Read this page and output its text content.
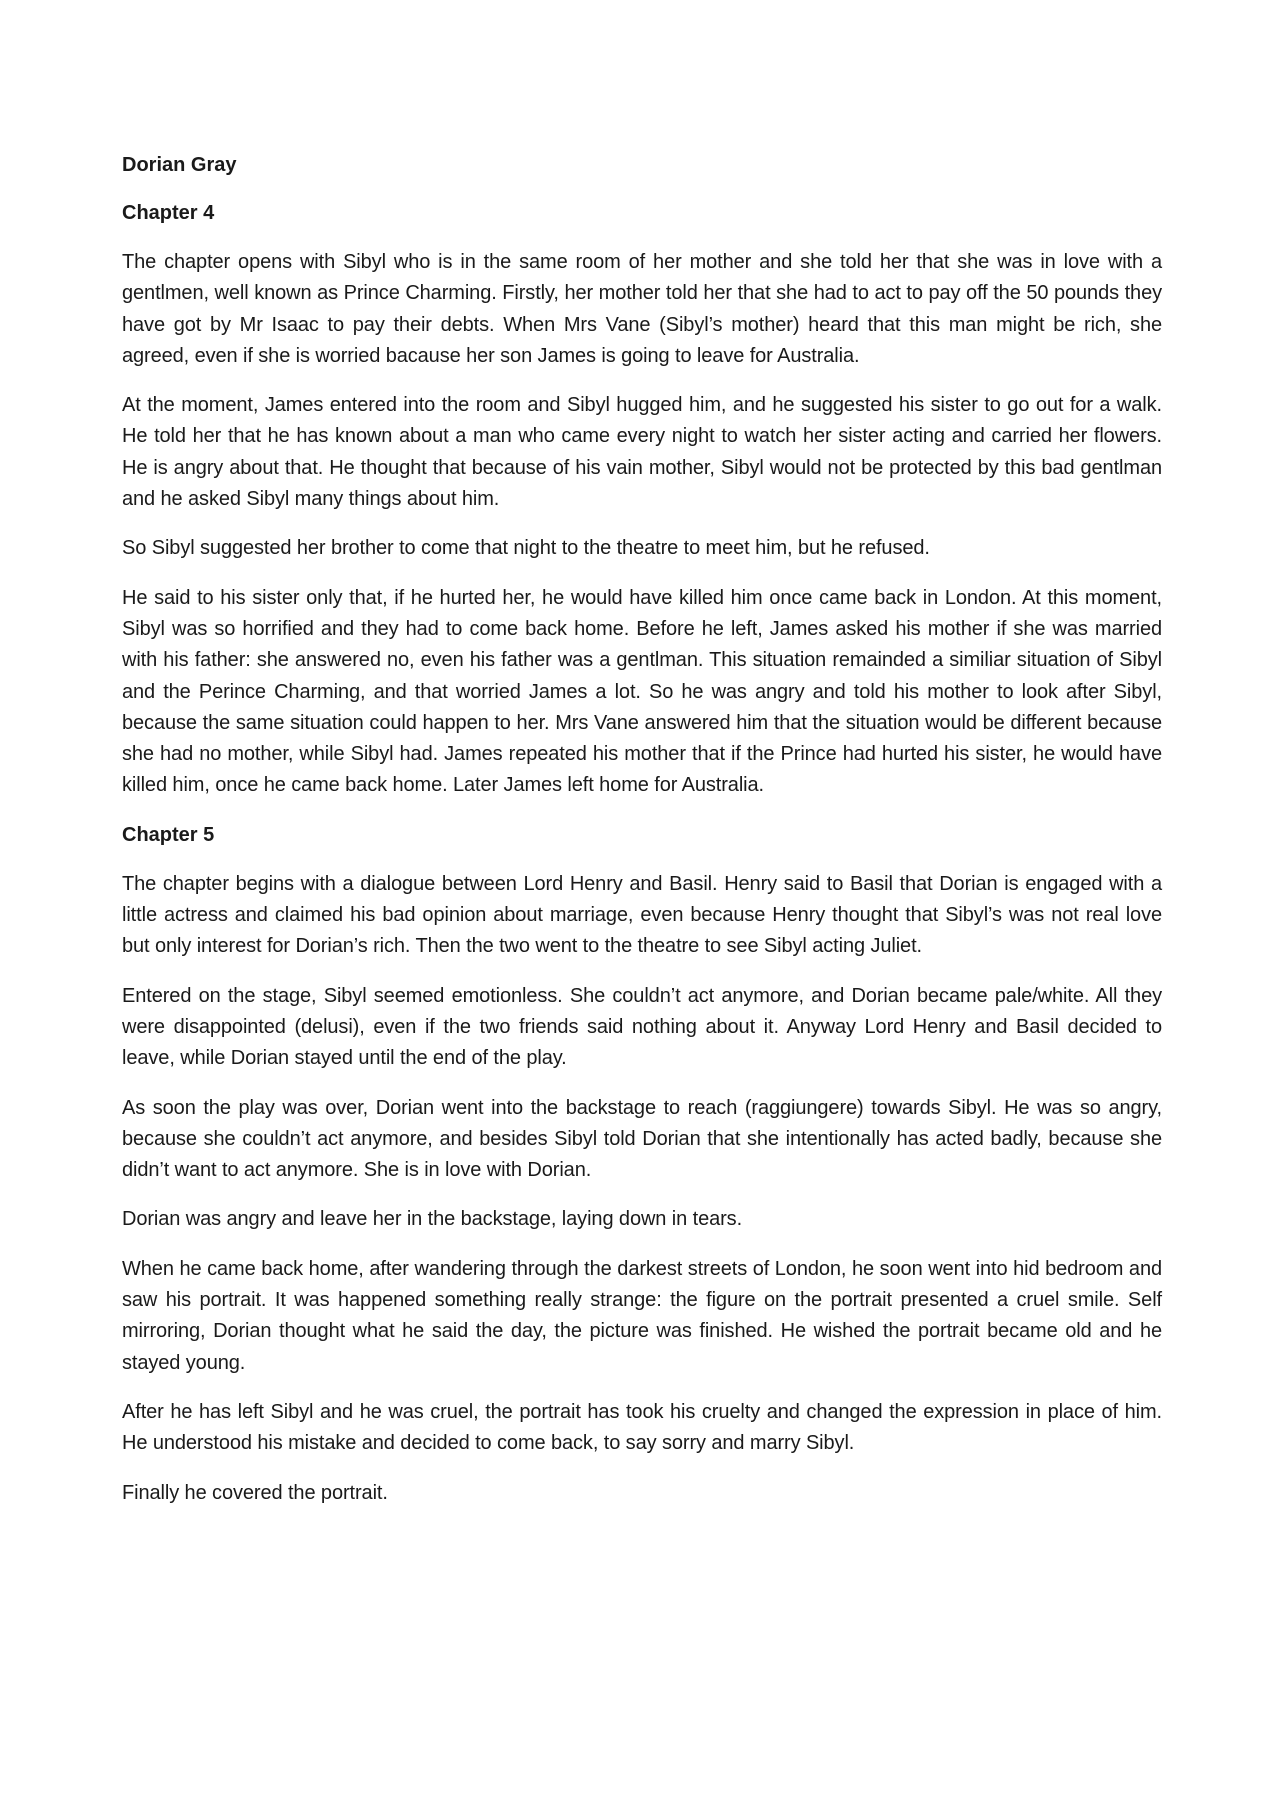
Dorian Gray
Chapter 4

The chapter opens with Sibyl who is in the same room of her mother and she told her that she was in love with a gentlmen, well known as Prince Charming. Firstly, her mother told her that she had to act to pay off the 50 pounds they have got by Mr Isaac to pay their debts. When Mrs Vane (Sibyl’s mother) heard that this man might be rich, she agreed, even if she is worried bacause her son James is going to leave for Australia.

At the moment, James entered into the room and Sibyl hugged him, and he suggested his sister to go out for a walk. He told her that he has known about a man who came every night to watch her sister acting and carried her flowers. He is angry about that. He thought that because of his vain mother, Sibyl would not be protected by this bad gentlman and he asked Sibyl many things about him.

So Sibyl suggested her brother to come that night to the theatre to meet him, but he refused.

He said to his sister only that, if he hurted her, he would have killed him once came back in London. At this moment, Sibyl was so horrified and they had to come back home. Before he left, James asked his mother if she was married with his father: she answered no, even his father was a gentlman. This situation remainded a similiar situation of Sibyl and the Perince Charming, and that worried James a lot. So he was angry and told his mother to look after Sibyl, because the same situation could happen to her. Mrs Vane answered him that the situation would be different because she had no mother, while Sibyl had. James repeated his mother that if the Prince had hurted his sister, he would have killed him, once he came back home. Later James left home for Australia.

Chapter 5

The chapter begins with a dialogue between Lord Henry and Basil. Henry said to Basil that Dorian is engaged with a little actress and claimed his bad opinion about marriage, even because Henry thought that Sibyl’s was not real love but only interest for Dorian’s rich. Then the two went to the theatre to see Sibyl acting Juliet.

Entered on the stage, Sibyl seemed emotionless. She couldn’t act anymore, and Dorian became pale/white. All they were disappointed (delusi), even if the two friends said nothing about it. Anyway Lord Henry and Basil decided to leave, while Dorian stayed until the end of the play.

As soon the play was over, Dorian went into the backstage to reach (raggiungere) towards Sibyl. He was so angry, because she couldn’t act anymore, and besides Sibyl told Dorian that she intentionally has acted badly, because she didn’t want to act anymore. She is in love with Dorian.

Dorian was angry and leave her in the backstage, laying down in tears.

When he came back home, after wandering through the darkest streets of London, he soon went into hid bedroom and saw his portrait. It was happened something really strange: the figure on the portrait presented a cruel smile. Self mirroring, Dorian thought what he said the day, the picture was finished. He wished the portrait became old and he stayed young.

After he has left Sibyl and he was cruel, the portrait has took his cruelty and changed the expression in place of him. He understood his mistake and decided to come back, to say sorry and marry Sibyl.

Finally he covered the portrait.
